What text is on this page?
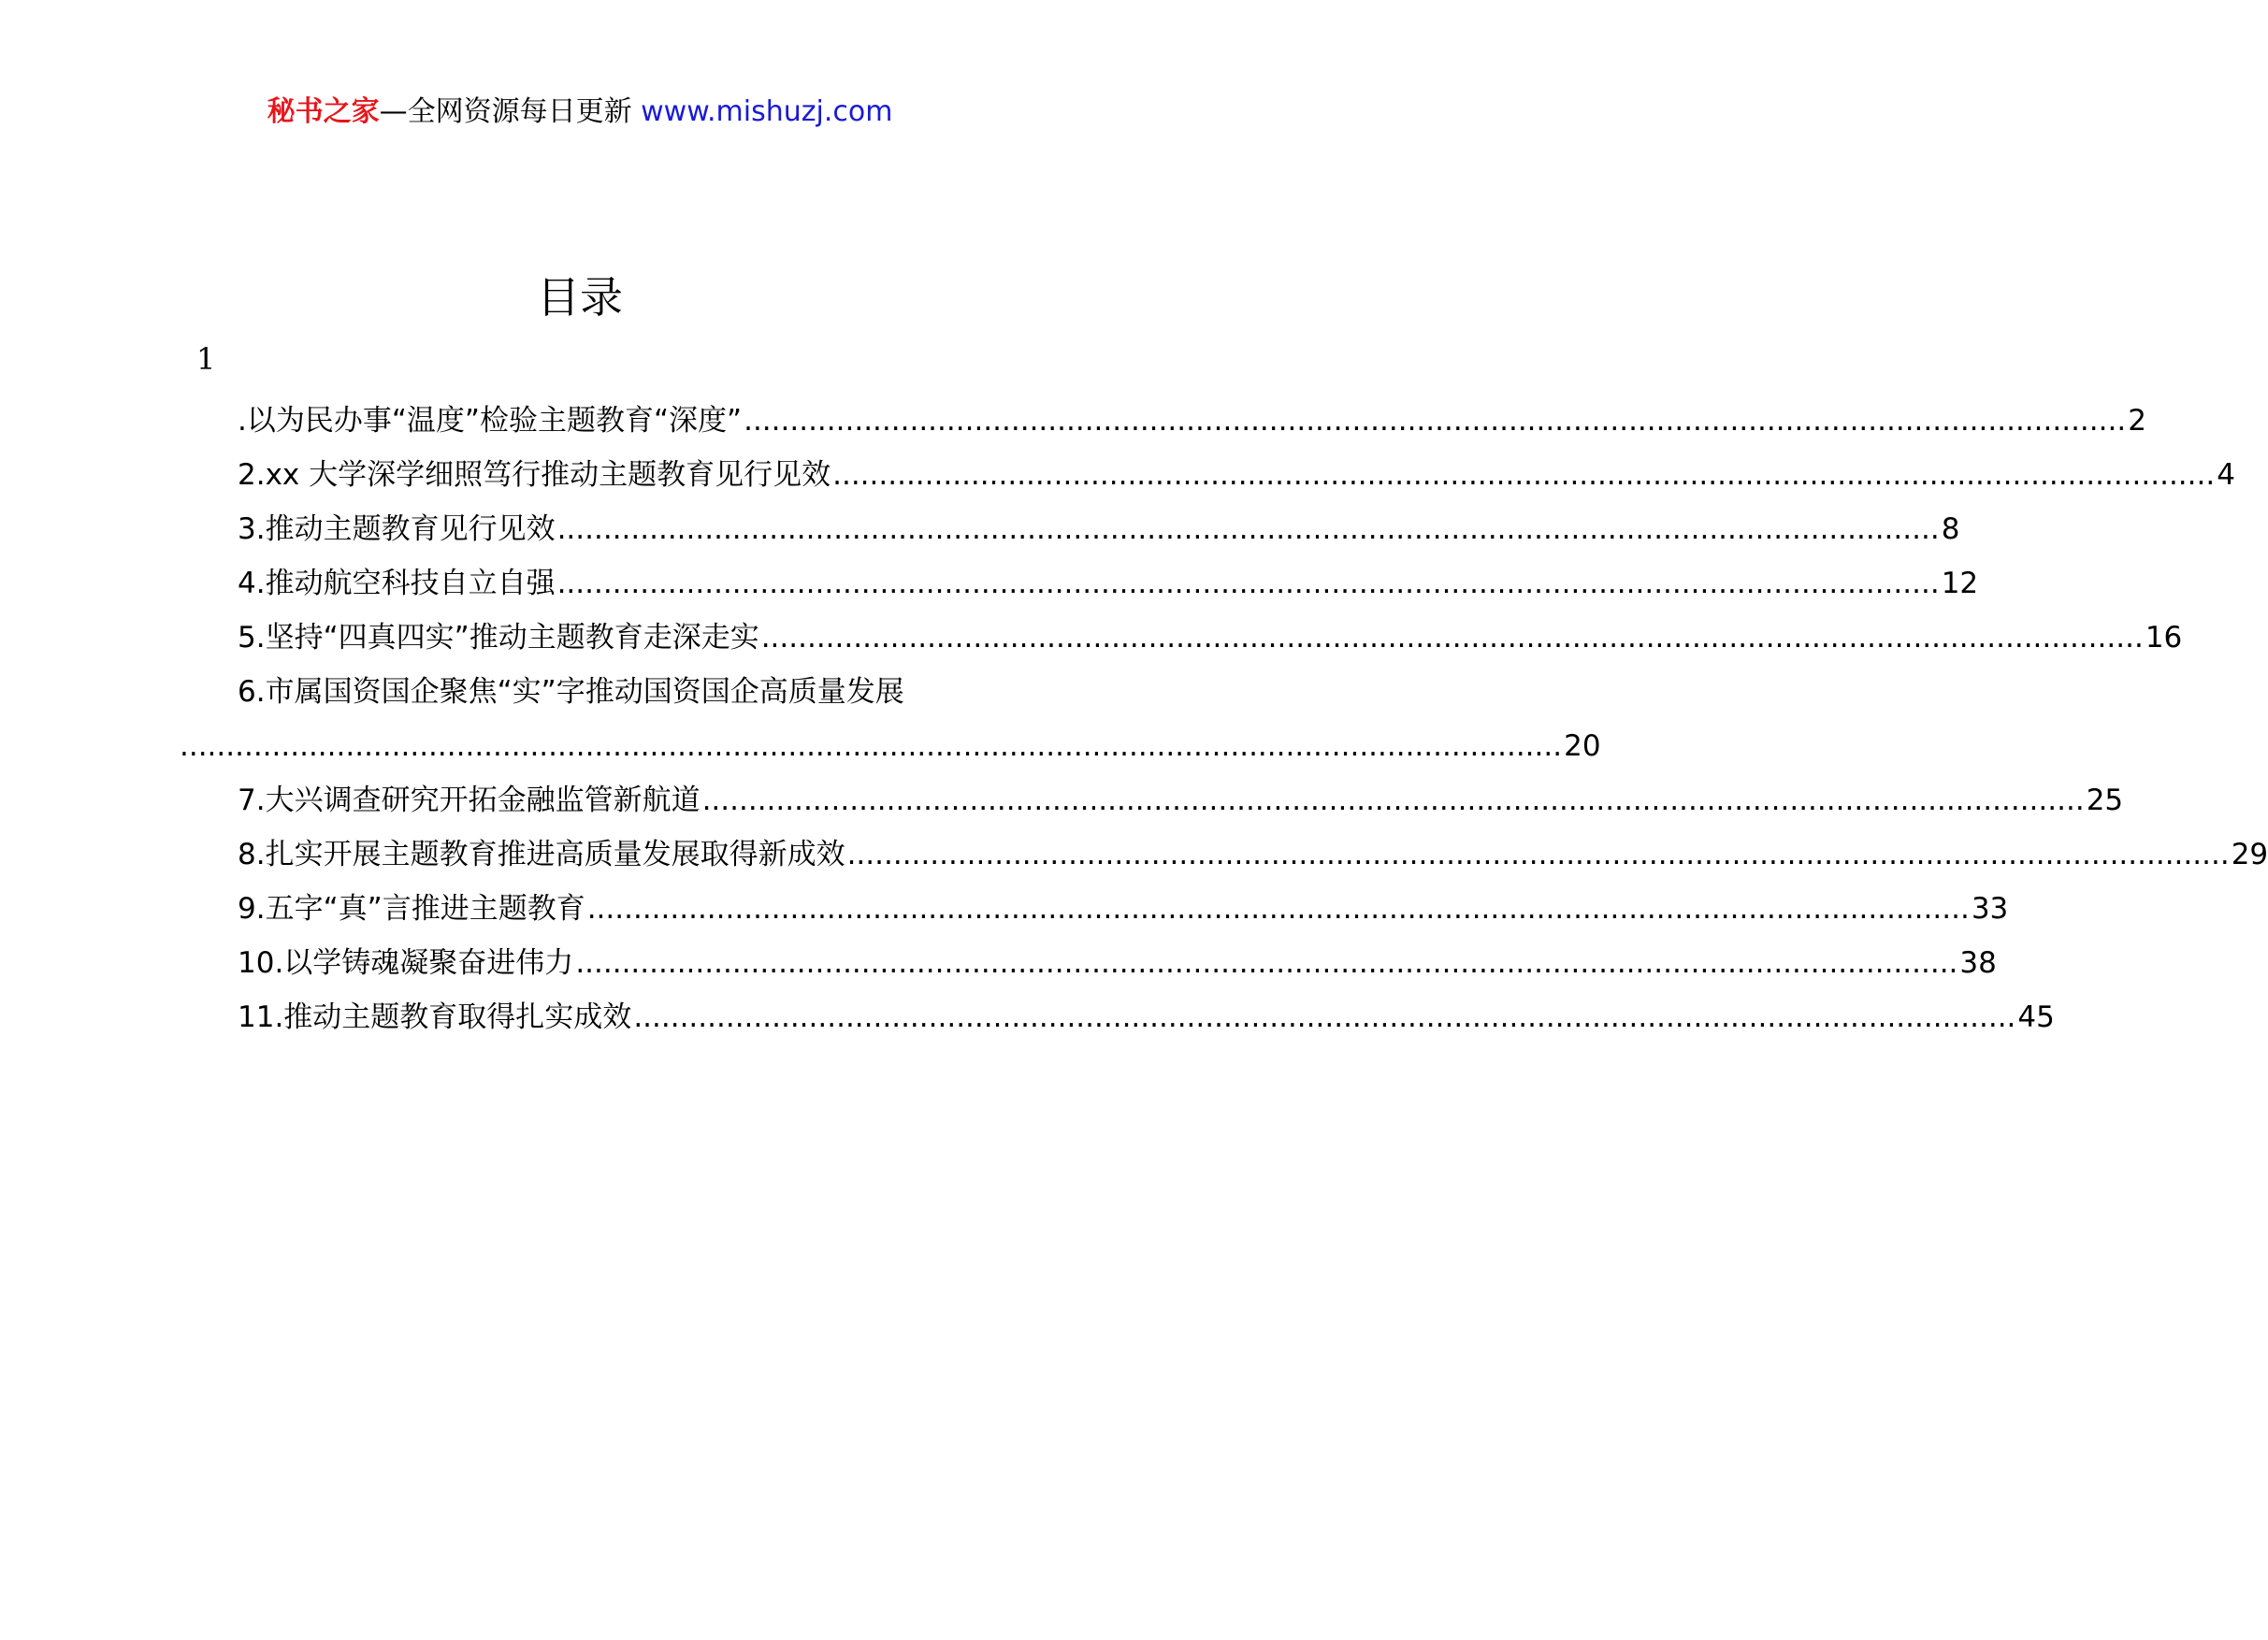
秘书之家—全网资源每日更新 www.mishuzj.com
目录
1
.以为民办事“温度”检验主题教育“深度” ...................................................................................................................................................... 2
2.xx 大学深学细照笃行推动主题教育见行见效 ...................................................................................................................................................... 4
3.推动主题教育见行见效 ...................................................................................................................................................... 8
4.推动航空科技自立自强 ...................................................................................................................................................... 12
5.坚持“四真四实”推动主题教育走深走实 ...................................................................................................................................................... 16
6.市属国资国企聚焦“实”字推动国资国企高质量发展
...................................................................................................................................................... 20
7.大兴调查研究开拓金融监管新航道 ...................................................................................................................................................... 25
8.扎实开展主题教育推进高质量发展取得新成效 ...................................................................................................................................................... 29
9.五字“真”言推进主题教育 ...................................................................................................................................................... 33
10.以学铸魂凝聚奋进伟力 ...................................................................................................................................................... 38
11.推动主题教育取得扎实成效 ...................................................................................................................................................... 45
